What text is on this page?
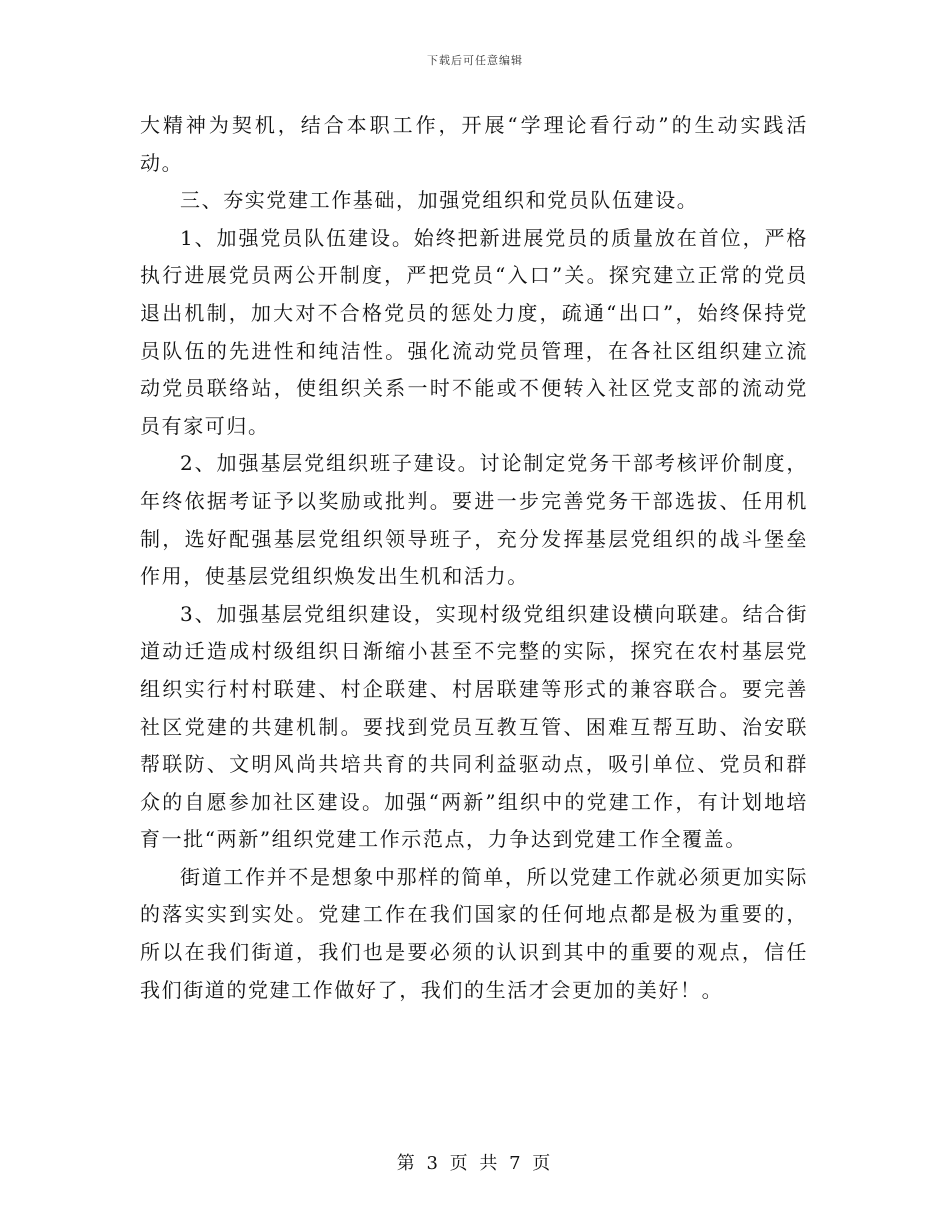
下载后可任意编辑

大精神为契机，结合本职工作，开展“学理论看行动”的生动实践活动。

三、夯实党建工作基础，加强党组织和党员队伍建设。

1、加强党员队伍建设。始终把新进展党员的质量放在首位，严格执行进展党员两公开制度，严把党员“入口”关。探究建立正常的党员退出机制，加大对不合格党员的惩处力度，疏通“出口”，始终保持党员队伍的先进性和纯洁性。强化流动党员管理，在各社区组织建立流动党员联络站，使组织关系一时不能或不便转入社区党支部的流动党员有家可归。

2、加强基层党组织班子建设。讨论制定党务干部考核评价制度，年终依据考证予以奖励或批判。要进一步完善党务干部选拔、任用机制，选好配强基层党组织领导班子，充分发挥基层党组织的战斗堡垒作用，使基层党组织焕发出生机和活力。

3、加强基层党组织建设，实现村级党组织建设横向联建。结合街道动迁造成村级组织日渐缩小甚至不完整的实际，探究在农村基层党组织实行村村联建、村企联建、村居联建等形式的兼容联合。要完善社区党建的共建机制。要找到党员互教互管、困难互帮互助、治安联帮联防、文明风尚共培共育的共同利益驱动点，吸引单位、党员和群众的自愿参加社区建设。加强“两新”组织中的党建工作，有计划地培育一批“两新”组织党建工作示范点，力争达到党建工作全覆盖。

街道工作并不是想象中那样的简单，所以党建工作就必须更加实际的落实实到实处。党建工作在我们国家的任何地点都是极为重要的，所以在我们街道，我们也是要必须的认识到其中的重要的观点，信任我们街道的党建工作做好了，我们的生活才会更加的美好！。

第 3 页 共 7 页
